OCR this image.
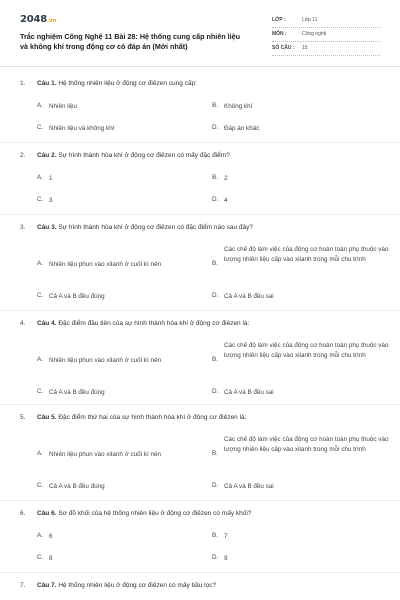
2048.vn
Trắc nghiệm Công Nghệ 11 Bài 28: Hệ thống cung cấp nhiên liệu và không khí trong động cơ có đáp án (Mới nhất)
LỚP :	Lớp 11
MÔN :	Công nghệ
SỐ CÂU : 15
1. Câu 1. Hệ thống nhiên liệu ở động cơ điêzen cung cấp:
A. Nhiên liệu	B. Không khí
C. Nhiên liệu và không khí	D. Đáp án khác
2. Câu 2. Sự hình thành hòa khí ở động cơ điêzen có mấy đặc điểm?
A. 1	B. 2
C. 3	D. 4
3. Câu 3. Sự hình thành hòa khí ở động cơ điêzen có đặc điểm nào sau đây?
A. Nhiên liệu phun vào xilanh ở cuối kì nén	B.
Các chế độ làm việc của động cơ hoàn toàn phụ thuộc vào lượng nhiên liệu cấp vào xilanh trong mỗi chu trình
C. Cả A và B đều đúng	D. Cả A và B đều sai
4. Câu 4. Đặc điểm đầu tiên của sự hình thành hòa khí ở động cơ điêzen là:
A. Nhiên liệu phun vào xilanh ở cuối kì nén	B.
Các chế độ làm việc của động cơ hoàn toàn phụ thuộc vào lượng nhiên liệu cấp vào xilanh trong mỗi chu trình
C. Cả A và B đều đúng	D. Cả A và B đều sai
5. Câu 5. Đặc điểm thứ hai của sự hình thành hòa khí ở động cơ điêzen là:
A. Nhiên liệu phun vào xilanh ở cuối kì nén	B.
Các chế độ làm việc của động cơ hoàn toàn phụ thuộc vào lượng nhiên liệu cấp vào xilanh trong mỗi chu trình
C. Cả A và B đều đúng	D. Cả A và B đều sai
6. Câu 6. Sơ đồ khối của hệ thống nhiên liệu ở động cơ điêzen có mấy khối?
A. 6	B. 7
C. 8	D. 9
7. Câu 7. Hệ thống nhiên liệu ở động cơ điêzen có mấy bầu lọc?
